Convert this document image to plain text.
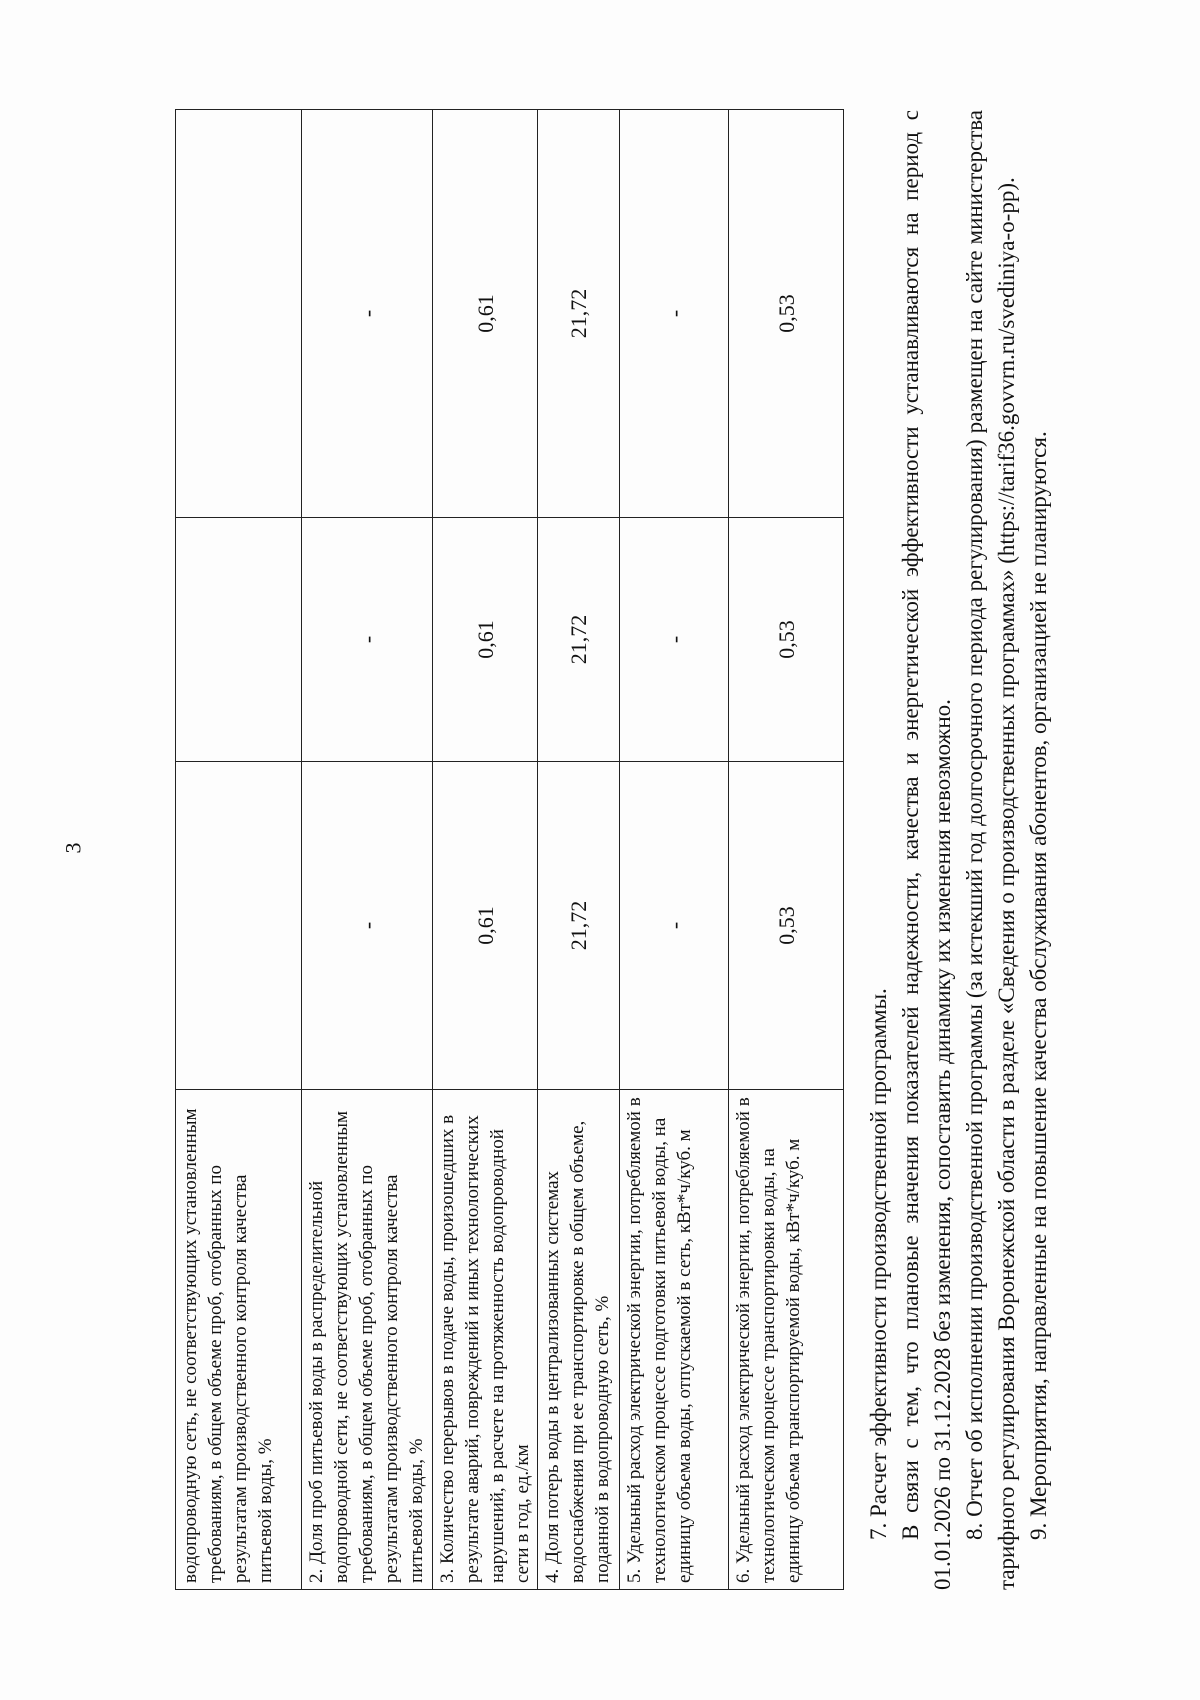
3
водопроводную сеть, не соответствующих установленным требованиям, в общем объеме проб, отобранных по результатам производственного контроля качества питьевой воды, %			
2. Доля проб питьевой воды в распределительной водопроводной сети, не соответствующих установленным требованиям, в общем объеме проб, отобранных по результатам производственного контроля качества питьевой воды, %	-	-	-
3. Количество перерывов в подаче воды, произошедших в результате аварий, повреждений и иных технологических нарушений, в расчете на протяженность водопроводной сети в год, ед./км	0,61	0,61	0,61
4. Доля потерь воды в централизованных системах водоснабжения при ее транспортировке в общем объеме, поданной в водопроводную сеть, %	21,72	21,72	21,72
5. Удельный расход электрической энергии, потребляемой в технологическом процессе подготовки питьевой воды, на единицу объема воды, отпускаемой в сеть, кВт*ч/куб. м	-	-	-
6. Удельный расход электрической энергии, потребляемой в технологическом процессе транспортировки воды, на единицу объема транспортируемой воды, кВт*ч/куб. м	0,53	0,53	0,53

7. Расчет эффективности производственной программы. В связи с тем, что плановые значения показателей надежности, качества и энергетической эффективности устанавливаются на период с 01.01.2026 по 31.12.2028 без изменения, сопоставить динамику их изменения невозможно. 8. Отчет об исполнении производственной программы (за истекший год долгосрочного периода регулирования) размещен на сайте министерства тарифного регулирования Воронежской области в разделе «Сведения о производственных программах» (https://tarif36.govvrn.ru/svediniya-o-pp). 9. Мероприятия, направленные на повышение качества обслуживания абонентов, организацией не планируются.
